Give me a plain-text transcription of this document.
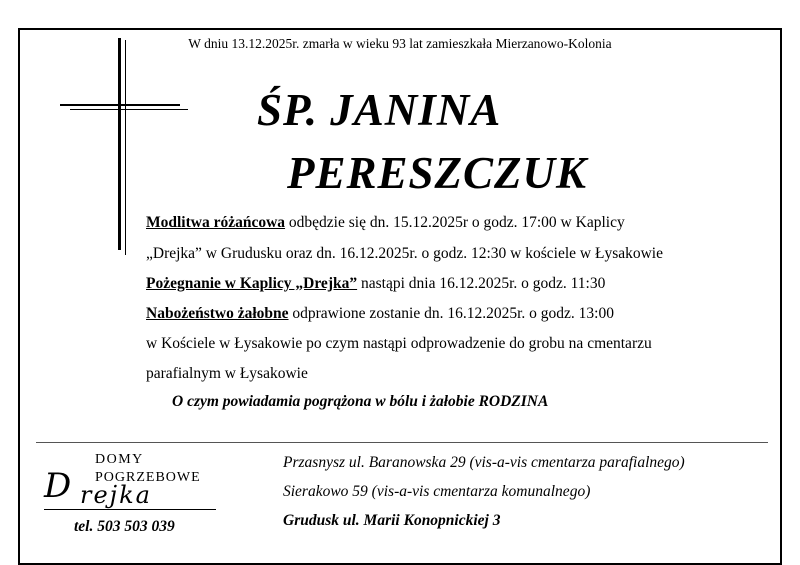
W dniu 13.12.2025r. zmarła w wieku 93 lat zamieszkała Mierzanowo-Kolonia
ŚP. JANINA
PERESZCZUK
Modlitwa różańcowa odbędzie się dn. 15.12.2025r o godz. 17:00 w Kaplicy
„Drejka” w Grudusku oraz dn. 16.12.2025r. o godz. 12:30 w kościele w Łysakowie
Pożegnanie w Kaplicy „Drejka” nastąpi dnia 16.12.2025r. o godz. 11:30
Nabożeństwo żałobne odprawione zostanie dn. 16.12.2025r. o godz. 13:00
w Kościele w Łysakowie po czym nastąpi odprowadzenie do grobu na cmentarzu
parafialnym w Łysakowie
O czym powiadamia pogrążona w bólu i żałobie RODZINA
DOMY
POGRZEBOWE
D rejka
tel. 503 503 039
Przasnysz ul. Baranowska 29 (vis-a-vis cmentarza parafialnego)
Sierakowo 59 (vis-a-vis cmentarza komunalnego)
Grudusk ul. Marii Konopnickiej 3
